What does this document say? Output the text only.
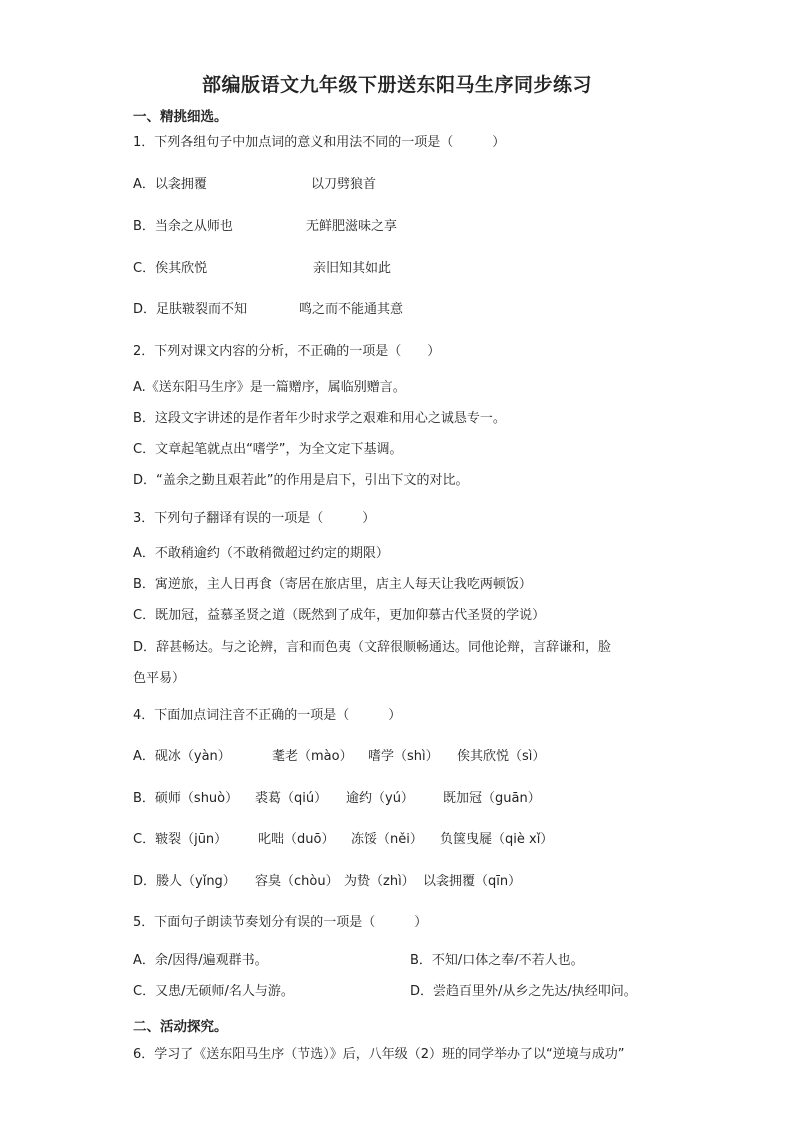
部编版语文九年级下册送东阳马生序同步练习
一、精挑细选。
1．下列各组句子中加点词的意义和用法不同的一项是（　　　）
A．以衾拥覆	以刀劈狼首
B．当余之从师也	无鲜肥滋味之享
C．俟其欣悦	亲旧知其如此
D．足肤皲裂而不知	鸣之而不能通其意
2．下列对课文内容的分析，不正确的一项是（　　）
A.《送东阳马生序》是一篇赠序，属临别赠言。
B．这段文字讲述的是作者年少时求学之艰难和用心之诚恳专一。
C．文章起笔就点出“嗜学”，为全文定下基调。
D．“盖余之勤且艰若此”的作用是启下，引出下文的对比。
3．下列句子翻译有误的一项是（　　　）
A．不敢稍逾约（不敢稍微超过约定的期限）
B．寓逆旅，主人日再食（寄居在旅店里，店主人每天让我吃两顿饭）
C．既加冠，益慕圣贤之道（既然到了成年，更加仰慕古代圣贤的学说）
D．辞甚畅达。与之论辨，言和而色夷（文辞很顺畅通达。同他论辩，言辞谦和，脸
色平易）
4．下面加点词注音不正确的一项是（　　　）
A．砚冰（yàn）	耄老（mào） 嗜学（shì） 俟其欣悦（sì）
B．硕师（shuò） 裘葛（qiú） 逾约（yú） 既加冠（guān）
C．皲裂（jūn） 叱咄（duō） 冻馁（něi） 负箧曳屣（qiè xǐ）
D．媵人（yǐng） 容臭（chòu） 为贽（zhì） 以衾拥覆（qīn）
5．下面句子朗读节奏划分有误的一项是（　　　）
A．余/因得/遍观群书。	B．不知/口体之奉/不若人也。
C．又患/无硕师/名人与游。	D．尝趋百里外/从乡之先达/执经叩问。
二、活动探究。
6．学习了《送东阳马生序（节选）》后，八年级（2）班的同学举办了以“逆境与成功”
